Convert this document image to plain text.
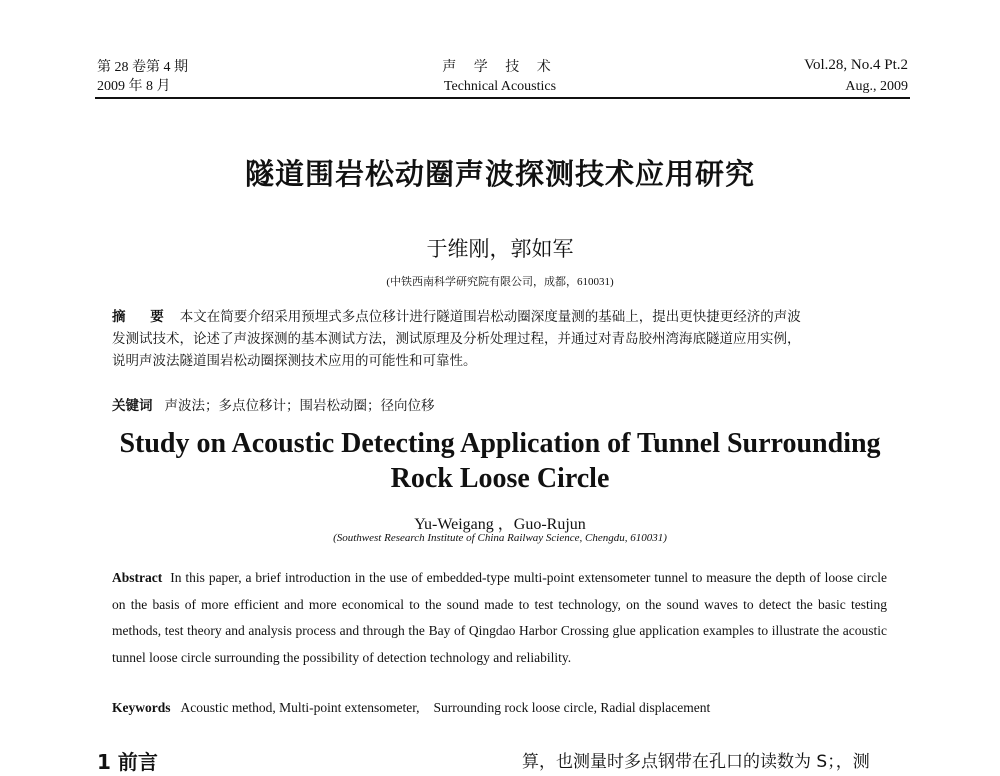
第 28 卷第 4 期
2009 年 8 月
声 学 技 术
Technical Acoustics
Vol.28, No.4 Pt.2
Aug., 2009
隧道围岩松动圈声波探测技术应用研究
于维刚，郭如军
(中铁西南科学研究院有限公司，成都，610031)

摘 要 本文在简要介绍采用预埋式多点位移计进行隧道围岩松动圈深度量测的基础上，提出更快捷更经济的声波

发测试技术，论述了声波探测的基本测试方法，测试原理及分析处理过程，并通过对青岛胶州湾海底隧道应用实例，

说明声波法隧道围岩松动圈探测技术应用的可能性和可靠性。

关键词 声波法；多点位移计；围岩松动圈；径向位移
Study on Acoustic Detecting Application of Tunnel Surrounding
Rock Loose Circle
Yu-Weigang ，Guo-Rujun
(Southwest Research Institute of China Railway Science, Chengdu, 610031)

Abstract In this paper, a brief introduction in the use of embedded-type multi-point extensometer tunnel to measure the depth of loose circle on the basis of more efficient and more economical to the sound made to test technology, on the sound waves to detect the basic testing methods, test theory and analysis process and through the Bay of Qingdao Harbor Crossing glue application examples to illustrate the acoustic tunnel loose circle surrounding the possibility of detection technology and reliability.

Keywords Acoustic method, Multi-point extensometer, Surrounding rock loose circle, Radial displacement
1 前言	算，也测量时多点钢带在孔口的读数为 S；，测
